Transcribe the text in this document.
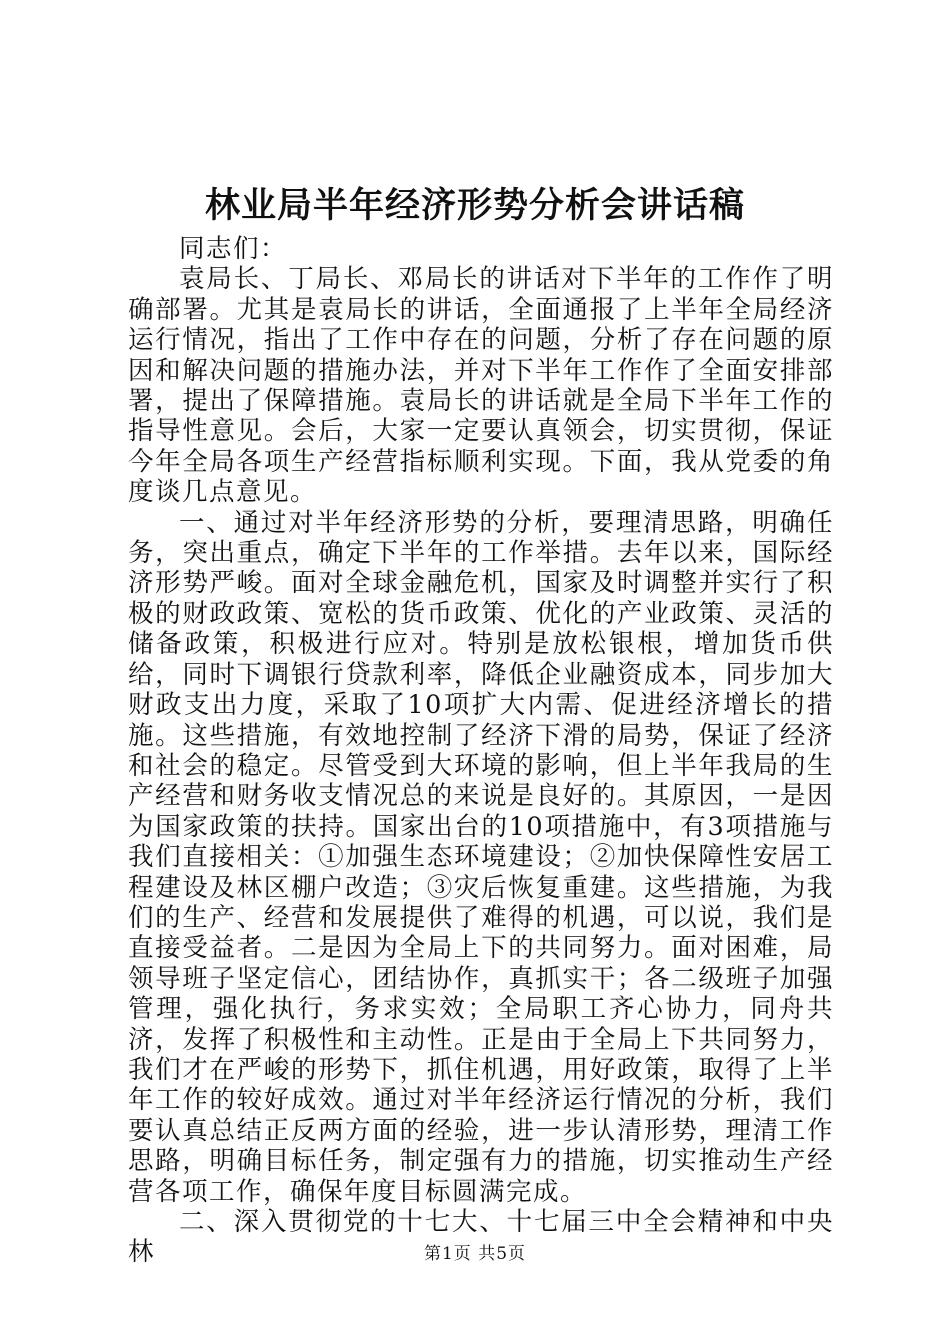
林业局半年经济形势分析会讲话稿

同志们：

袁局长、丁局长、邓局长的讲话对下半年的工作作了明确部署。尤其是袁局长的讲话，全面通报了上半年全局经济运行情况，指出了工作中存在的问题，分析了存在问题的原因和解决问题的措施办法，并对下半年工作作了全面安排部署，提出了保障措施。袁局长的讲话就是全局下半年工作的指导性意见。会后，大家一定要认真领会，切实贯彻，保证今年全局各项生产经营指标顺利实现。下面，我从党委的角度谈几点意见。

一、通过对半年经济形势的分析，要理清思路，明确任务，突出重点，确定下半年的工作举措。去年以来，国际经济形势严峻。面对全球金融危机，国家及时调整并实行了积极的财政政策、宽松的货币政策、优化的产业政策、灵活的储备政策，积极进行应对。特别是放松银根，增加货币供给，同时下调银行贷款利率，降低企业融资成本，同步加大财政支出力度，采取了10项扩大内需、促进经济增长的措施。这些措施，有效地控制了经济下滑的局势，保证了经济和社会的稳定。尽管受到大环境的影响，但上半年我局的生产经营和财务收支情况总的来说是良好的。其原因，一是因为国家政策的扶持。国家出台的10项措施中，有3项措施与我们直接相关：①加强生态环境建设；②加快保障性安居工程建设及林区棚户改造；③灾后恢复重建。这些措施，为我们的生产、经营和发展提供了难得的机遇，可以说，我们是直接受益者。二是因为全局上下的共同努力。面对困难，局领导班子坚定信心，团结协作，真抓实干；各二级班子加强管理，强化执行，务求实效；全局职工齐心协力，同舟共济，发挥了积极性和主动性。正是由于全局上下共同努力，我们才在严峻的形势下，抓住机遇，用好政策，取得了上半年工作的较好成效。通过对半年经济运行情况的分析，我们要认真总结正反两方面的经验，进一步认清形势，理清工作思路，明确目标任务，制定强有力的措施，切实推动生产经营各项工作，确保年度目标圆满完成。

二、深入贯彻党的十七大、十七届三中全会精神和中央林	第1页 共5页
